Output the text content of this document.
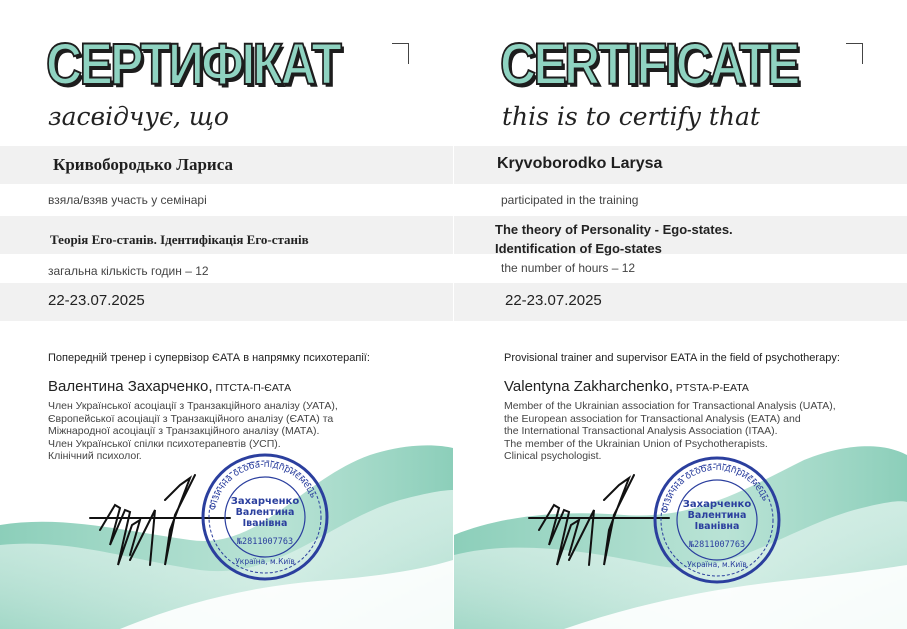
СЕРТИФІКАТ
засвідчує, що
Кривобородько Лариса
взяла/взяв участь у семінарі
Теорія Его-станів. Ідентифікація Его-станів
загальна кількість годин – 12
22-23.07.2025
Попередній тренер і супервізор ЄАТА в напрямку психотерапії:
Валентина Захарченко, ПТСТА-П-ЄАТА
Член Української асоціації з Транзакційного аналізу (УАТА),
Європейської асоціації з Транзакційного аналізу (ЄАТА) та
Міжнародної асоціації з Транзакційного аналізу (МАТА).
Член Української спілки психотерапевтів (УСП).
Клінічний психолог.
Фізична особа-підприємець
Захарченко
Валентина
Іванівна
№2811007763
Україна, м.Київ
CERTIFICATE
this is to certify that
Kryvoborodko Larysa
participated in the training
The theory of Personality - Ego-states.
Identification of Ego-states
the number of hours – 12
22-23.07.2025
Provisional trainer and supervisor EATA in the field of psychotherapy:
Valentyna Zakharchenko, PTSTA-P-EATA
Member of the Ukrainian association for Transactional Analysis (UATA),
the European association for Transactional Analysis (EATA) and
the International Transactional Analysis Association (ITAA).
The member of the Ukrainian Union of Psychotherapists.
Clinical psychologist.
Фізична особа-підприємець
Захарченко
Валентина
Іванівна
№2811007763
Україна, м.Київ
